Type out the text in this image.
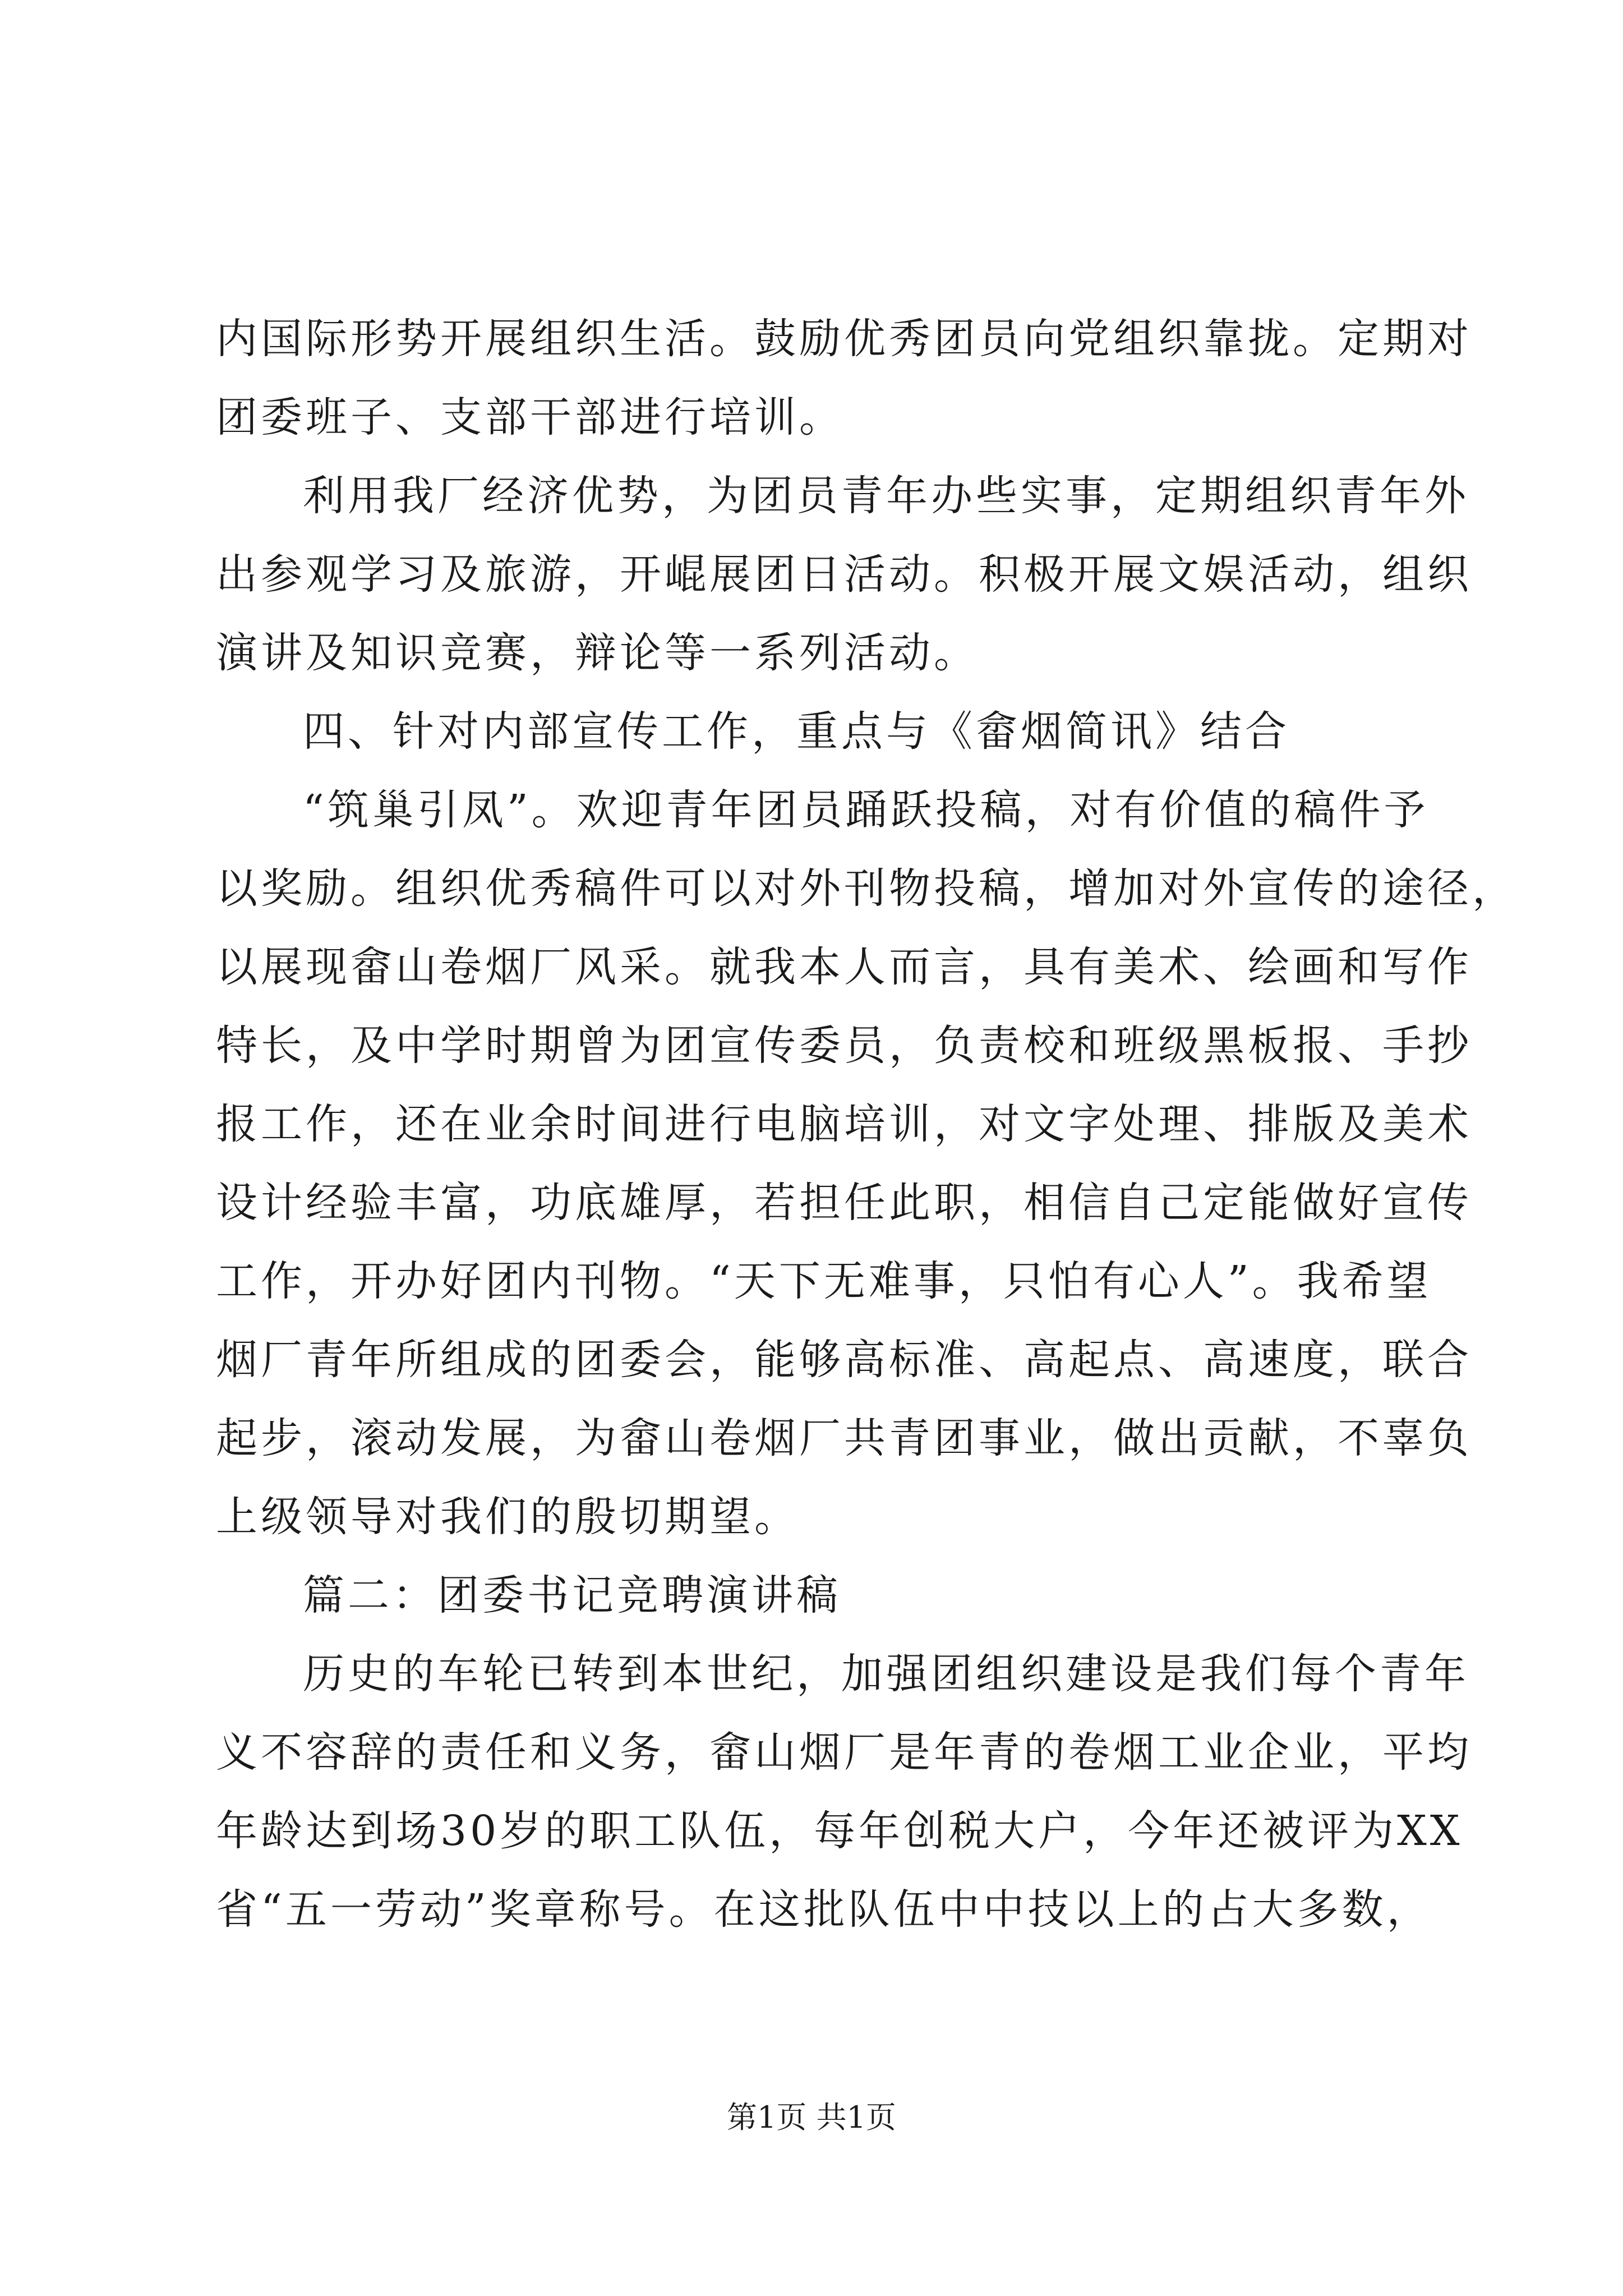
内国际形势开展组织生活。鼓励优秀团员向党组织靠拢。定期对
团委班子、支部干部进行培训。
利用我厂经济优势，为团员青年办些实事，定期组织青年外
出参观学习及旅游，开崐展团日活动。积极开展文娱活动，组织
演讲及知识竞赛，辩论等一系列活动。
四、针对内部宣传工作，重点与《畲烟简讯》结合
“筑巢引凤”。欢迎青年团员踊跃投稿，对有价值的稿件予
以奖励。组织优秀稿件可以对外刊物投稿，增加对外宣传的途径，
以展现畲山卷烟厂风采。就我本人而言，具有美术、绘画和写作
特长，及中学时期曾为团宣传委员，负责校和班级黑板报、手抄
报工作，还在业余时间进行电脑培训，对文字处理、排版及美术
设计经验丰富，功底雄厚，若担任此职，相信自己定能做好宣传
工作，开办好团内刊物。“天下无难事，只怕有心人”。我希望
烟厂青年所组成的团委会，能够高标准、高起点、高速度，联合
起步，滚动发展，为畲山卷烟厂共青团事业，做出贡献，不辜负
上级领导对我们的殷切期望。
篇二：团委书记竞聘演讲稿
历史的车轮已转到本世纪，加强团组织建设是我们每个青年
义不容辞的责任和义务，畲山烟厂是年青的卷烟工业企业，平均
年龄达到场30岁的职工队伍，每年创税大户，今年还被评为XX
省“五一劳动”奖章称号。在这批队伍中中技以上的占大多数，
第1页 共1页
